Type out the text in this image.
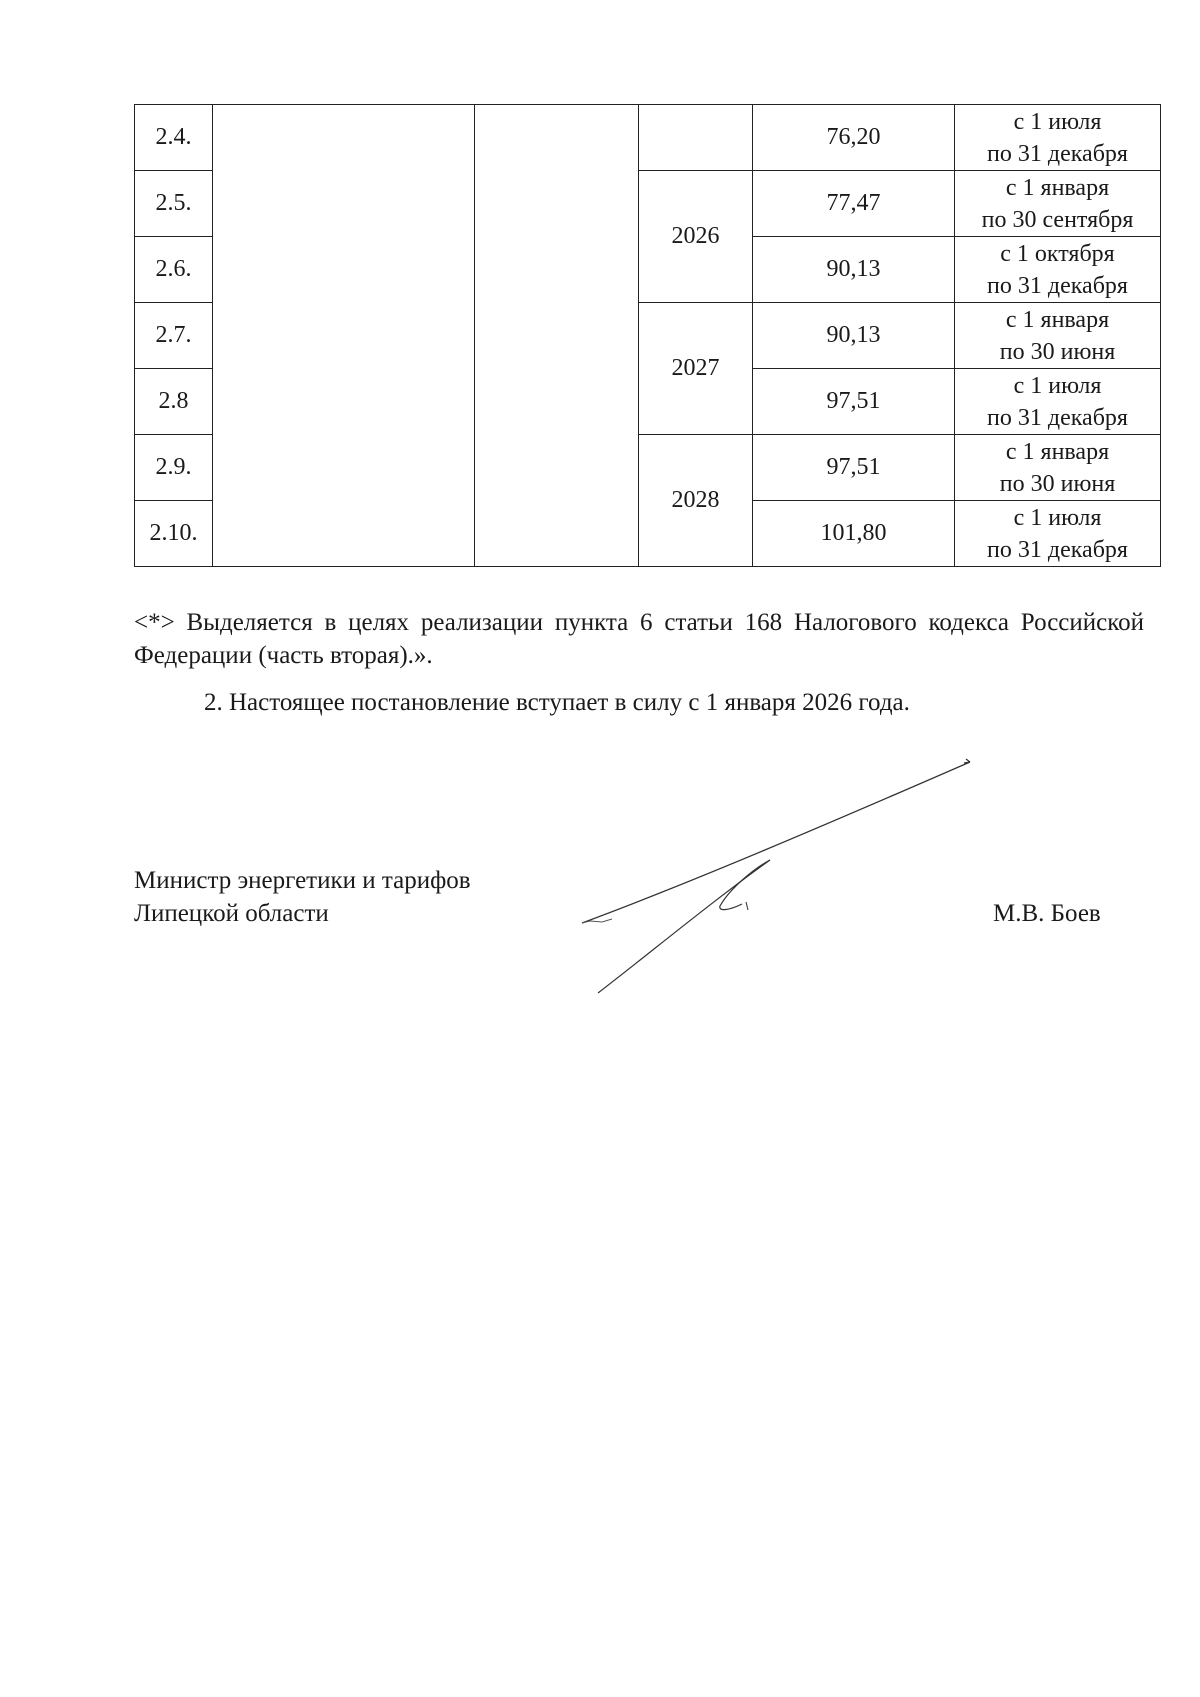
2.4.				76,20	с 1 июля
по 31 декабря

2.5.			2026	77,47	с 1 января
по 30 сентября

2.6.				90,13	с 1 октября
по 31 декабря

2.7.			2027	90,13	с 1 января
по 30 июня

2.8				97,51	с 1 июля
по 31 декабря

2.9.			2028	97,51	с 1 января
по 30 июня

2.10.				101,80	с 1 июля
по 31 декабря

<*> Выделяется в целях реализации пункта 6 статьи 168 Налогового кодекса Российской Федерации (часть вторая).».

2. Настоящее постановление вступает в силу с 1 января 2026 года.

Министр энергетики и тарифов
Липецкой области	М.В. Боев
